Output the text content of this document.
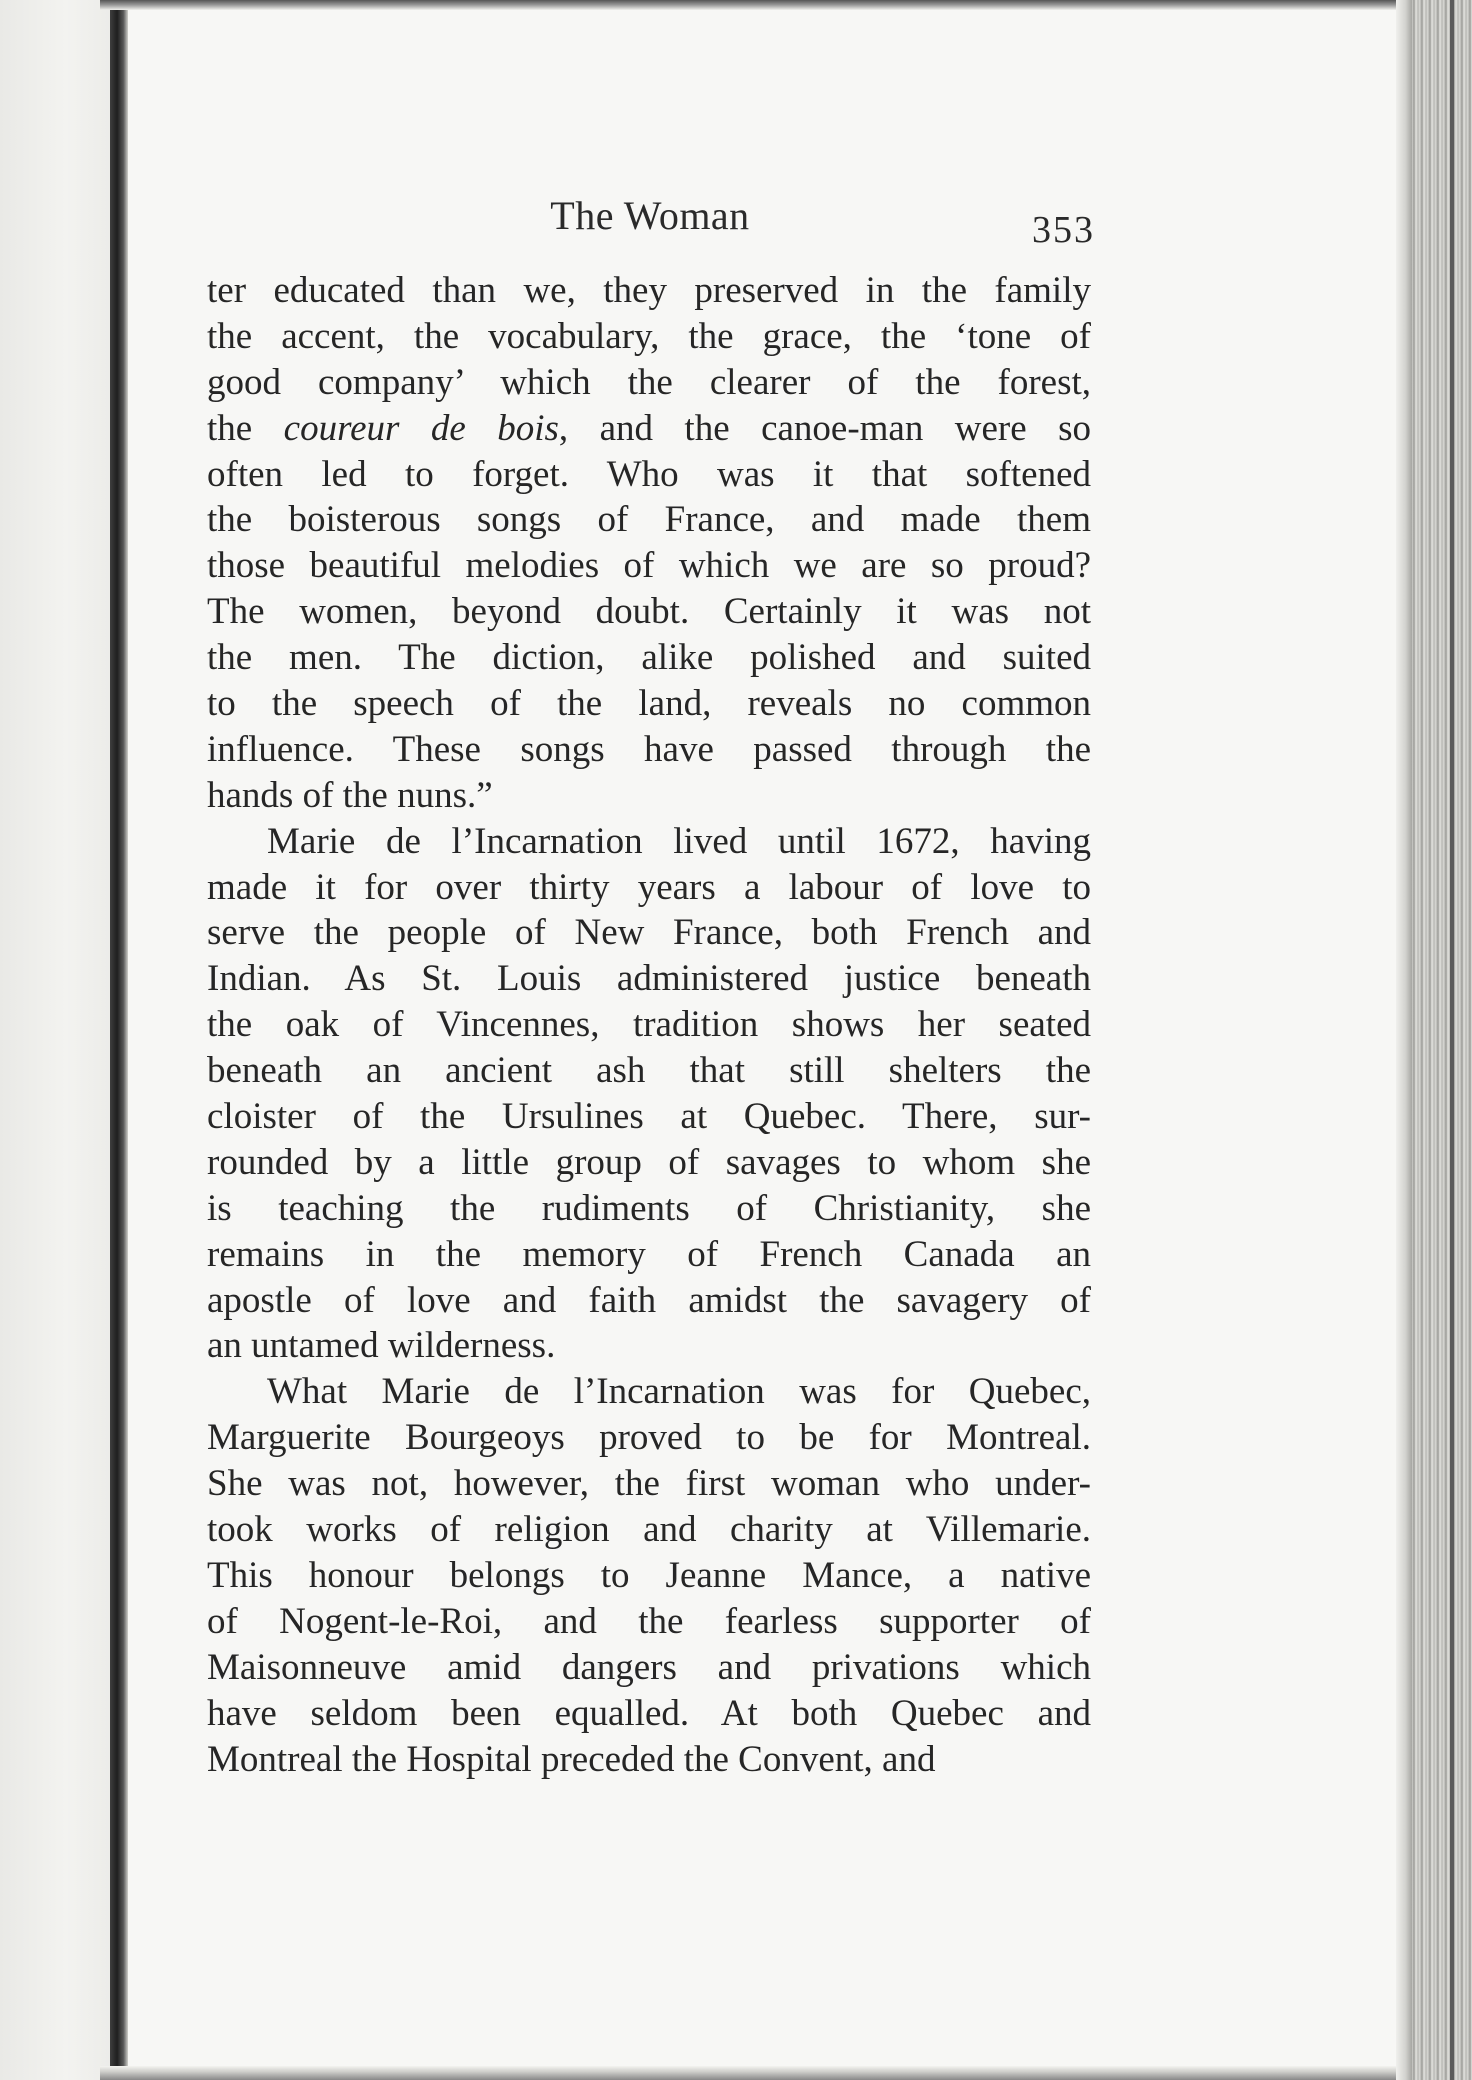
The Woman	353
ter educated than we, they preserved in the family
the accent, the vocabulary, the grace, the ‘tone of
good company’ which the clearer of the forest,
the coureur de bois, and the canoe-man were so
often led to forget. Who was it that softened
the boisterous songs of France, and made them
those beautiful melodies of which we are so proud?
The women, beyond doubt. Certainly it was not
the men. The diction, alike polished and suited
to the speech of the land, reveals no common
influence. These songs have passed through the
hands of the nuns.”
Marie de l’Incarnation lived until 1672, having
made it for over thirty years a labour of love to
serve the people of New France, both French and
Indian. As St. Louis administered justice beneath
the oak of Vincennes, tradition shows her seated
beneath an ancient ash that still shelters the
cloister of the Ursulines at Quebec. There, sur-
rounded by a little group of savages to whom she
is teaching the rudiments of Christianity, she
remains in the memory of French Canada an
apostle of love and faith amidst the savagery of
an untamed wilderness.
What Marie de l’Incarnation was for Quebec,
Marguerite Bourgeoys proved to be for Montreal.
She was not, however, the first woman who under-
took works of religion and charity at Villemarie.
This honour belongs to Jeanne Mance, a native
of Nogent-le-Roi, and the fearless supporter of
Maisonneuve amid dangers and privations which
have seldom been equalled. At both Quebec and
Montreal the Hospital preceded the Convent, and
